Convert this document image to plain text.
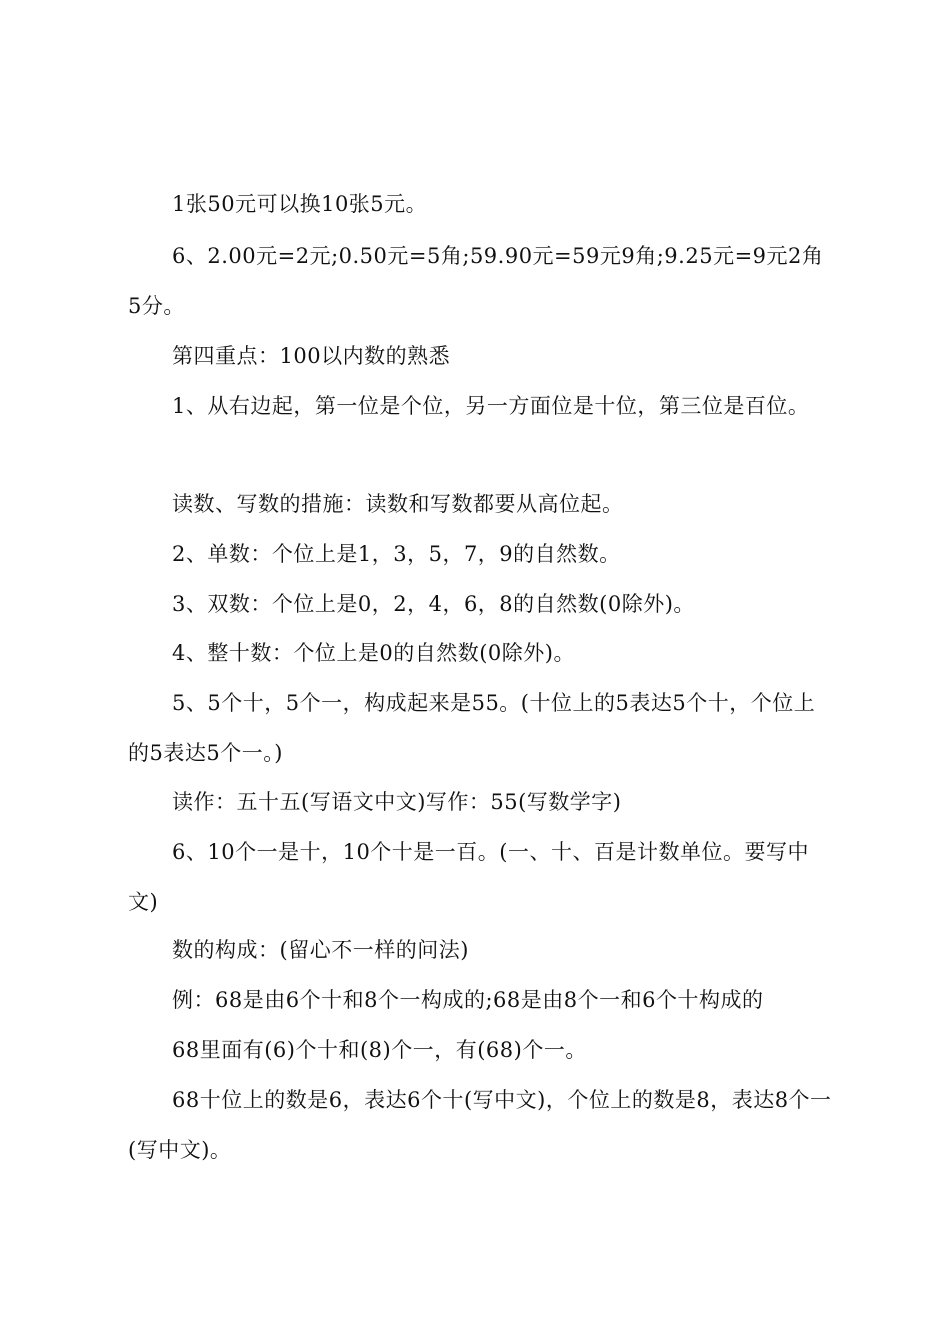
1张50元可以换10张5元。

6、2.00元=2元;0.50元=5角;59.90元=59元9角;9.25元=9元2角5分。

第四重点：100以内数的熟悉

1、从右边起，第一位是个位，另一方面位是十位，第三位是百位。

读数、写数的措施：读数和写数都要从高位起。

2、单数：个位上是1，3，5，7，9的自然数。

3、双数：个位上是0，2，4，6，8的自然数(0除外)。

4、整十数：个位上是0的自然数(0除外)。

5、5个十，5个一，构成起来是55。(十位上的5表达5个十，个位上的5表达5个一。)

读作：五十五(写语文中文)写作：55(写数学字)

6、10个一是十，10个十是一百。(一、十、百是计数单位。要写中文)

数的构成：(留心不一样的问法)

例：68是由6个十和8个一构成的;68是由8个一和6个十构成的

68里面有(6)个十和(8)个一，有(68)个一。

68十位上的数是6，表达6个十(写中文)，个位上的数是8，表达8个一(写中文)。
